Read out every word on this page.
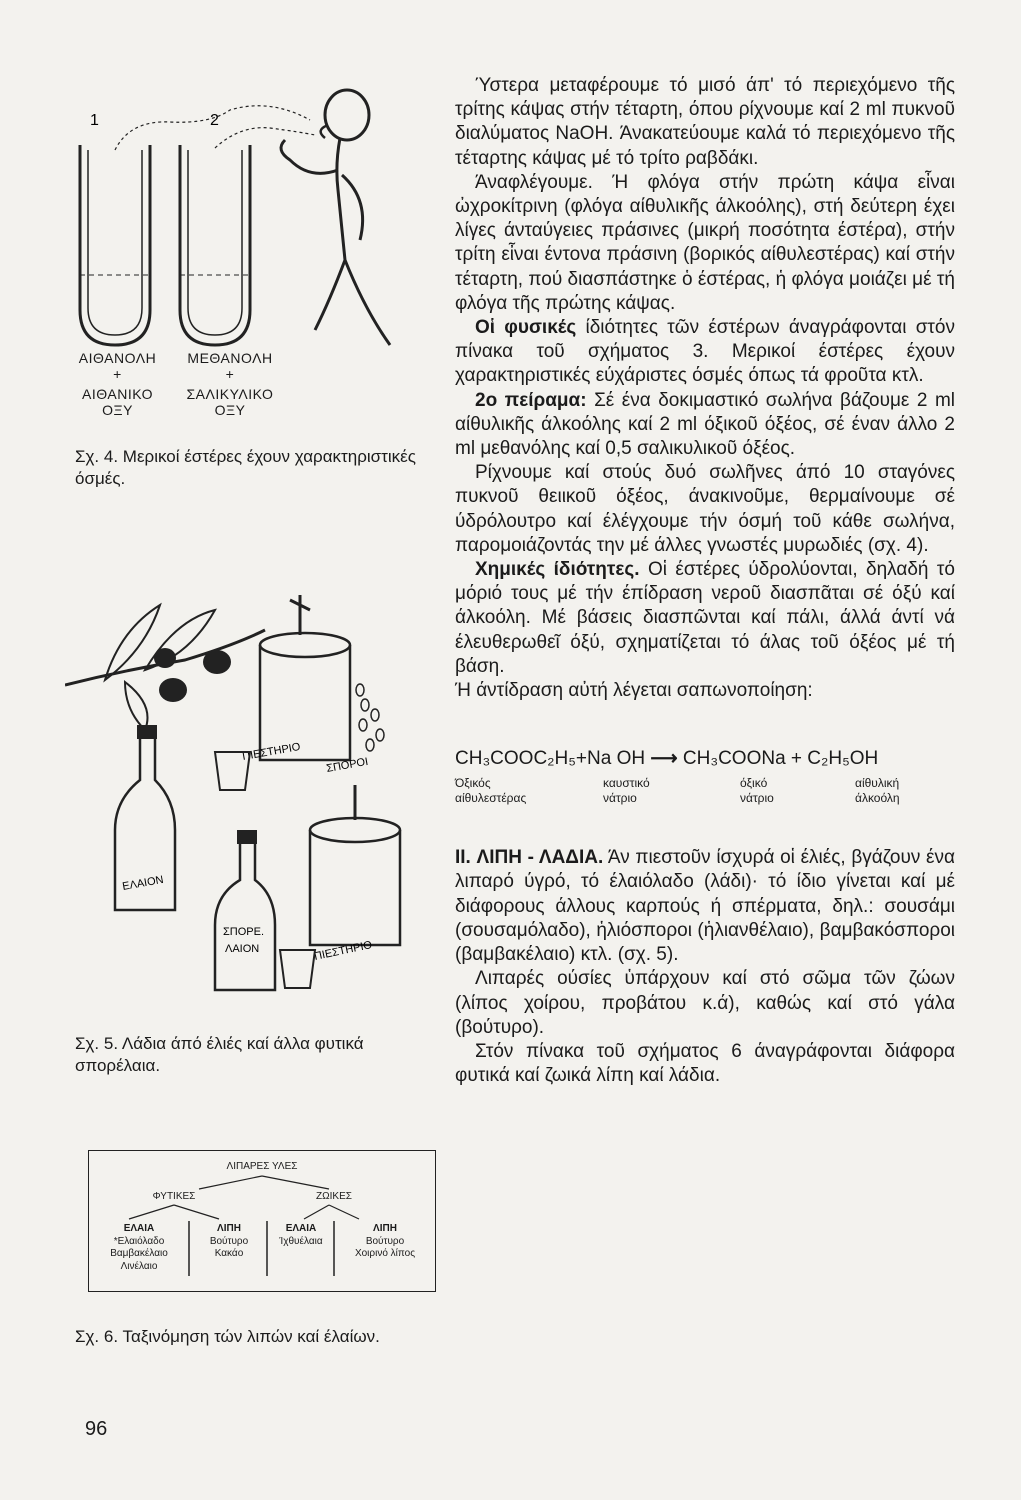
1	2
ΑΙΘΑΝΟΛΗ
+
ΜΕΘΑΝΟΛΗ
+
ΑΙΘΑΝΙΚΟ
ΟΞΥ
ΣΑΛΙΚΥΛΙΚΟ
ΟΞΥ
Σχ. 4. Μερικοί έστέρες έχουν χαρακτηριστικές όσμές.
ΠΙΕΣΤΗΡΙΟ
ΕΛΑΙΟΝ
ΣΠΟΡΟΙ
ΠΙΕΣΤΗΡΙΟ
ΣΠΟΡΕ.
ΛΑΙΟΝ
Σχ. 5. Λάδια άπό έλιές καί άλλα φυτικά σπορέλαια.
ΛΙΠΑΡΕΣ ΥΛΕΣ
ΦΥΤΙΚΕΣ	ΖΩΙΚΕΣ
ΕΛΑΙΑ
*Ελαιόλαδο
Βαμβακέλαιο
Λινέλαιο
ΛΙΠΗ
Βούτυρο
Κακάο
ΕΛΑΙΑ
Ίχθυέλαια
ΛΙΠΗ
Βούτυρο
Χοιρινό λίπος
Σχ. 6. Ταξινόμηση τών λιπών καί έλαίων.

Ύστερα μεταφέρουμε τό μισό άπ' τό περιεχόμενο τῆς τρίτης κάψας στήν τέταρτη, όπου ρίχνουμε καί 2 ml πυκνοῦ διαλύματος NaOH. Άνακατεύουμε καλά τό περιεχόμενο τῆς τέταρτης κάψας μέ τό τρίτο ραβδάκι.

Άναφλέγουμε. Ή φλόγα στήν πρώτη κάψα εἶναι ὠχροκίτρινη (φλόγα αίθυλικῆς άλκοόλης), στή δεύτερη έχει λίγες άνταύγειες πράσινες (μικρή ποσότητα έστέρα), στήν τρίτη εἶναι έντονα πράσινη (βορικός αίθυλεστέρας) καί στήν τέταρτη, πού διασπάστηκε ὁ έστέρας, ἡ φλόγα μοιάζει μέ τή φλόγα τῆς πρώτης κάψας.

Οἱ φυσικές ίδιότητες τῶν έστέρων άναγράφονται στόν πίνακα τοῦ σχήματος 3. Μερικοί έστέρες έχουν χαρακτηριστικές εύχάριστες όσμές όπως τά φροῦτα κτλ.

2ο πείραμα: Σέ ένα δοκιμαστικό σωλήνα βάζουμε 2 ml αίθυλικῆς άλκοόλης καί 2 ml όξικοῦ όξέος, σέ έναν άλλο 2 ml μεθανόλης καί 0,5 σαλικυλικοῦ όξέος.

Ρίχνουμε καί στούς δυό σωλῆνες άπό 10 σταγόνες πυκνοῦ θειικοῦ όξέος, άνακινοῦμε, θερμαίνουμε σέ ύδρόλουτρο καί έλέγχουμε τήν όσμή τοῦ κάθε σωλήνα, παρομοιάζοντάς την μέ άλλες γνωστές μυρωδιές (σχ. 4).

Χημικές ίδιότητες. Οἱ έστέρες ύδρολύονται, δηλαδή τό μόριό τους μέ τήν έπίδραση νεροῦ διασπᾶται σέ όξύ καί άλκοόλη. Μέ βάσεις διασπῶνται καί πάλι, άλλά άντί νά έλευθερωθεῖ όξύ, σχηματίζεται τό άλας τοῦ όξέος μέ τή βάση.

Ή άντίδραση αὐτή λέγεται σαπωνοποίηση:

CH₃COOC₂H₅+Na OH ⟶ CH₃COONa + C₂H₅OH
Όξικός
αίθυλεστέρας
καυστικό
νάτριο
όξικό
νάτριο
αίθυλική
άλκοόλη

II. ΛΙΠΗ - ΛΑΔΙΑ. Άν πιεστοῦν ίσχυρά οἱ έλιές, βγάζουν ένα λιπαρό ύγρό, τό έλαιόλαδο (λάδι)· τό ίδιο γίνεται καί μέ διάφορους άλλους καρπούς ή σπέρματα, δηλ.: σουσάμι (σουσαμόλαδο), ἡλιόσποροι (ἡλιανθέλαιο), βαμβακόσποροι (βαμβακέλαιο) κτλ. (σχ. 5).

Λιπαρές ούσίες ὑπάρχουν καί στό σῶμα τῶν ζώων (λίπος χοίρου, προβάτου κ.ά), καθώς καί στό γάλα (βούτυρο).

Στόν πίνακα τοῦ σχήματος 6 άναγράφονται διάφορα φυτικά καί ζωικά λίπη καί λάδια.

96
